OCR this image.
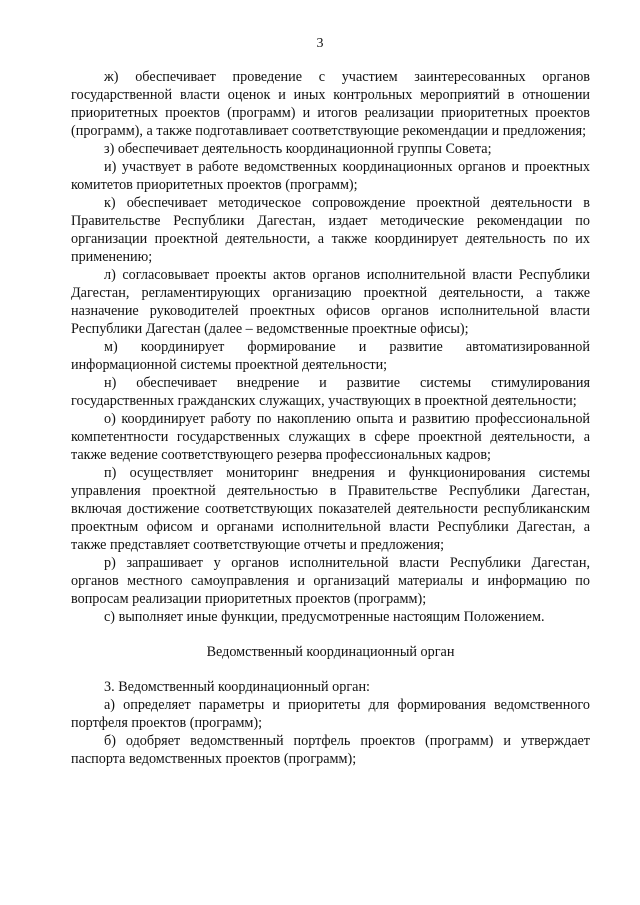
3

ж) обеспечивает проведение с участием заинтересованных органов государственной власти оценок и иных контрольных мероприятий в отношении приоритетных проектов (программ) и итогов реализации приоритетных проектов (программ), а также подготавливает соответствующие рекомендации и предложения;

з) обеспечивает деятельность координационной группы Совета;

и) участвует в работе ведомственных координационных органов и проектных комитетов приоритетных проектов (программ);

к) обеспечивает методическое сопровождение проектной деятельности в Правительстве Республики Дагестан, издает методические рекомендации по организации проектной деятельности, а также координирует деятельность по их применению;

л) согласовывает проекты актов органов исполнительной власти Республики Дагестан, регламентирующих организацию проектной деятельности, а также назначение руководителей проектных офисов органов исполнительной власти Республики Дагестан (далее – ведомственные проектные офисы);

м) координирует формирование и развитие автоматизированной информационной системы проектной деятельности;

н) обеспечивает внедрение и развитие системы стимулирования государственных гражданских служащих, участвующих в проектной деятельности;

о) координирует работу по накоплению опыта и развитию профессиональной компетентности государственных служащих в сфере проектной деятельности, а также ведение соответствующего резерва профессиональных кадров;

п) осуществляет мониторинг внедрения и функционирования системы управления проектной деятельностью в Правительстве Республики Дагестан, включая достижение соответствующих показателей деятельности республиканским проектным офисом и органами исполнительной власти Республики Дагестан, а также представляет соответствующие отчеты и предложения;

р) запрашивает у органов исполнительной власти Республики Дагестан, органов местного самоуправления и организаций материалы и информацию по вопросам реализации приоритетных проектов (программ);

с) выполняет иные функции, предусмотренные настоящим Положением.

Ведомственный координационный орган

3. Ведомственный координационный орган:

а) определяет параметры и приоритеты для формирования ведомственного портфеля проектов (программ);

б) одобряет ведомственный портфель проектов (программ) и утверждает паспорта ведомственных проектов (программ);
